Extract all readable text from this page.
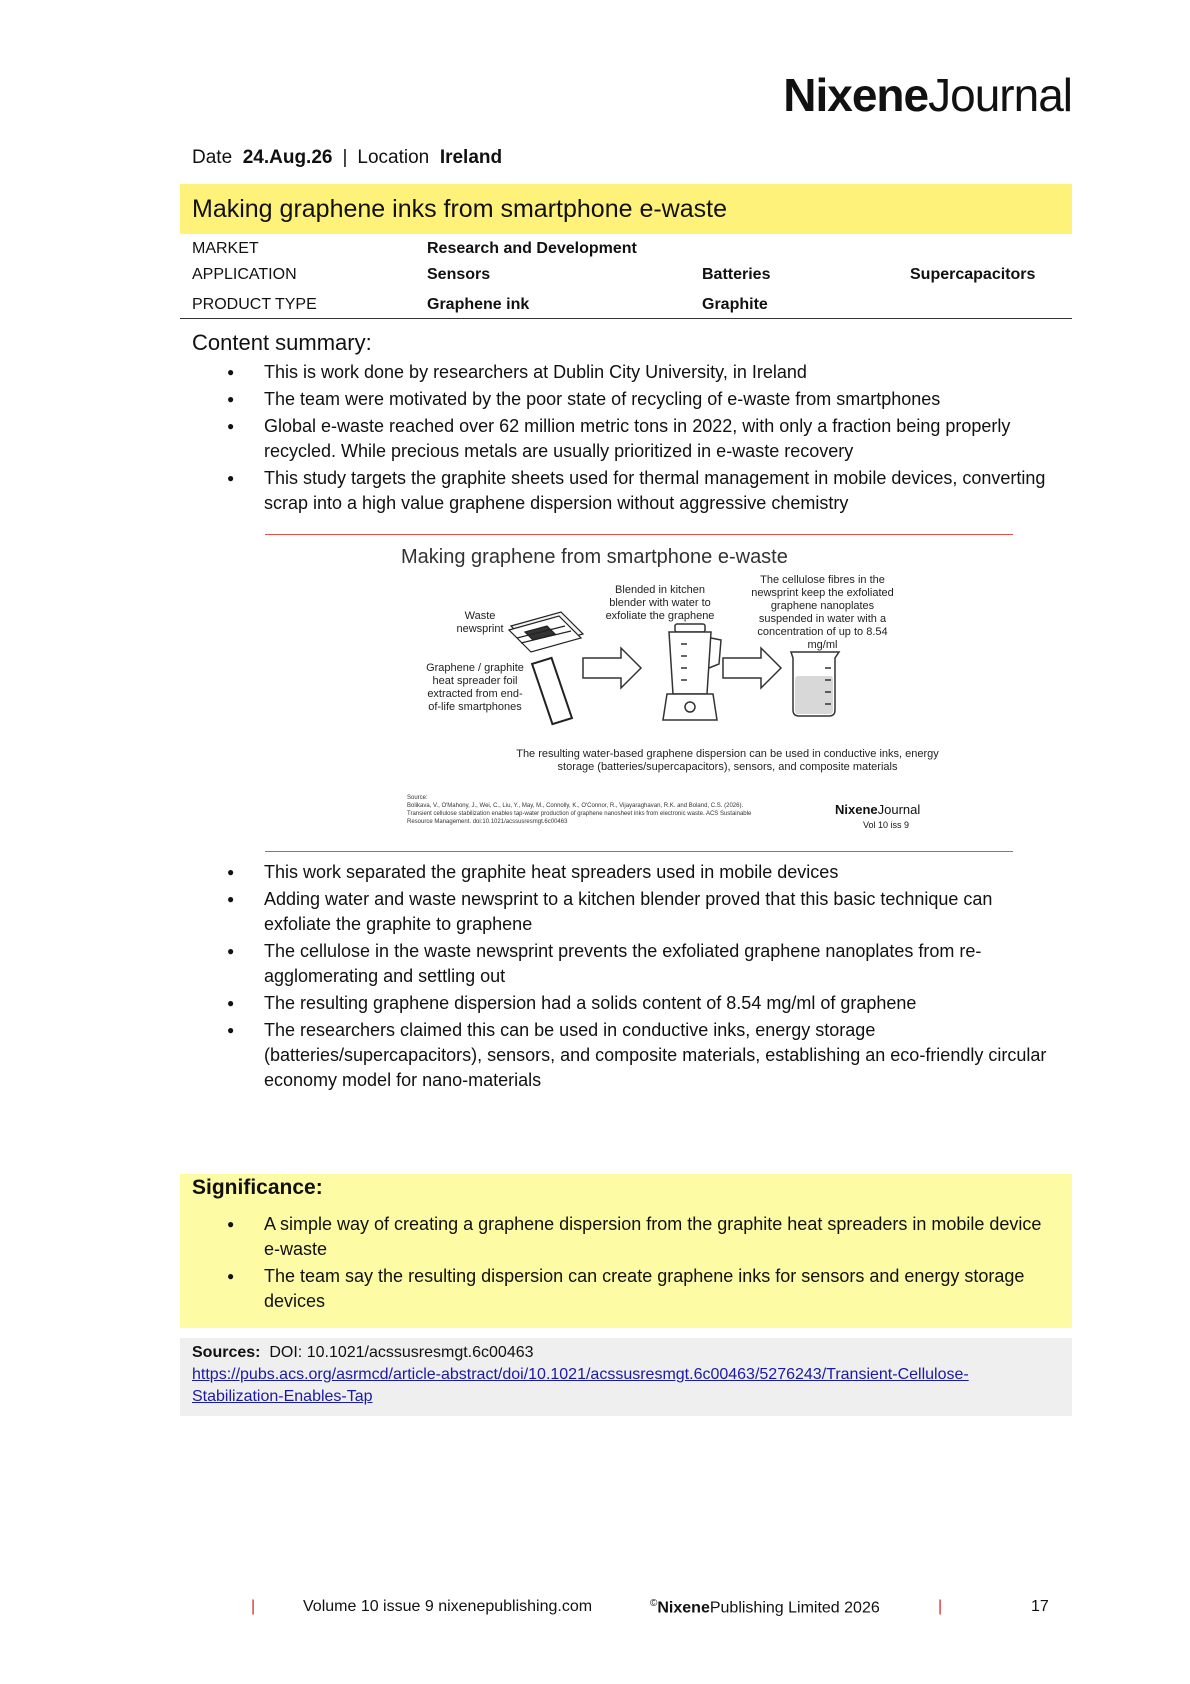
NixeneJournal
Date 24.Aug.26 | Location Ireland
Making graphene inks from smartphone e-waste
MARKET	Research and Development
APPLICATION	Sensors	Batteries	Supercapacitors
PRODUCT TYPE	Graphene ink	Graphite
Content summary:
● This is work done by researchers at Dublin City University, in Ireland
● The team were motivated by the poor state of recycling of e-waste from smartphones
● Global e-waste reached over 62 million metric tons in 2022, with only a fraction being properly recycled. While precious metals are usually prioritized in e-waste recovery
● This study targets the graphite sheets used for thermal management in mobile devices, converting scrap into a high value graphene dispersion without aggressive chemistry
Making graphene from smartphone e-waste
Waste newsprint
Graphene / graphite heat spreader foil extracted from end-of-life smartphones
Blended in kitchen blender with water to exfoliate the graphene
The cellulose fibres in the newsprint keep the exfoliated graphene nanoplates suspended in water with a concentration of up to 8.54 mg/ml
The resulting water-based graphene dispersion can be used in conductive inks, energy storage (batteries/supercapacitors), sensors, and composite materials
Source:
Bolikava, V., O'Mahony, J., Wei, C., Liu, Y., May, M., Connolly, K., O'Connor, R., Vijayaraghavan, R.K. and Boland, C.S. (2026). Transient cellulose stabilization enables tap-water production of graphene nanosheet inks from electronic waste. ACS Sustainable Resource Management. doi:10.1021/acssusresmgt.6c00463
NixeneJournal
Vol 10 iss 9
● This work separated the graphite heat spreaders used in mobile devices
● Adding water and waste newsprint to a kitchen blender proved that this basic technique can exfoliate the graphite to graphene
● The cellulose in the waste newsprint prevents the exfoliated graphene nanoplates from re-agglomerating and settling out
● The resulting graphene dispersion had a solids content of 8.54 mg/ml of graphene
● The researchers claimed this can be used in conductive inks, energy storage (batteries/supercapacitors), sensors, and composite materials, establishing an eco-friendly circular economy model for nano-materials
Significance:
● A simple way of creating a graphene dispersion from the graphite heat spreaders in mobile device e-waste
● The team say the resulting dispersion can create graphene inks for sensors and energy storage devices
Sources: DOI: 10.1021/acssusresmgt.6c00463
https://pubs.acs.org/asrmcd/article-abstract/doi/10.1021/acssusresmgt.6c00463/5276243/Transient-Cellulose-Stabilization-Enables-Tap
|	Volume 10 issue 9 nixenepublishing.com	©NixenePublishing Limited 2026	|	17
